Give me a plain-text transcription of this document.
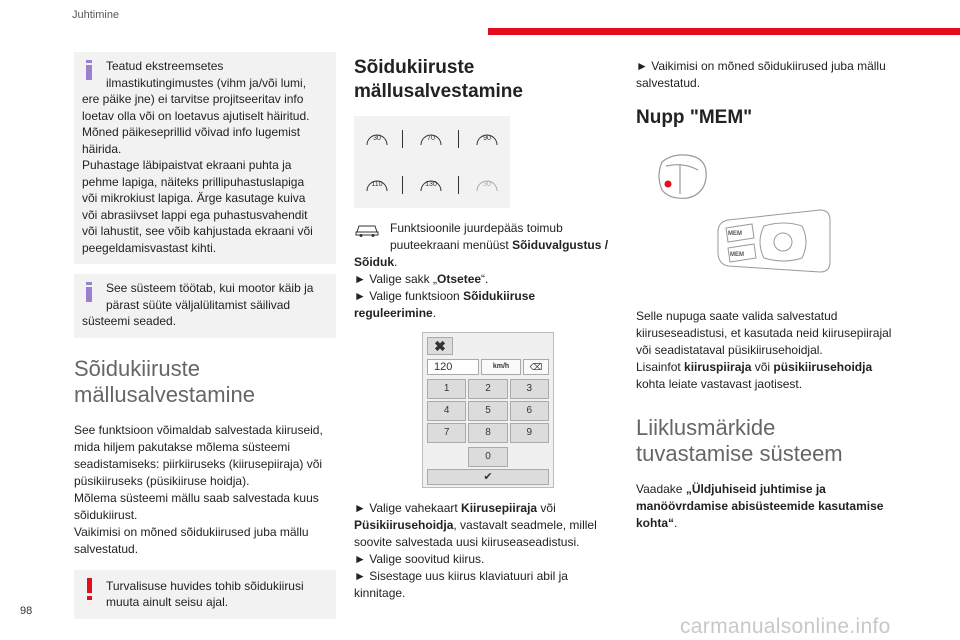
Juhtimine

Teatud ekstreemsetes

ilmastikutingimustes (vihm ja/või lumi,

ere päike jne) ei tarvitse projitseeritav info

loetav olla või on loetavus ajutiselt häiritud.

Mõned päikeseprillid võivad info lugemist

häirida.

Puhastage läbipaistvat ekraani puhta ja

pehme lapiga, näiteks prillipuhastuslapiga

või mikrokiust lapiga. Ärge kasutage kuiva

või abrasiivset lappi ega puhastusvahendit

või lahustit, see võib kahjustada ekraani või

peegeldamisvastast kihti.

See süsteem töötab, kui mootor käib ja

pärast süüte väljalülitamist säilivad

süsteemi seaded.

Sõidukiiruste
mällusalvestamine
See funktsioon võimaldab salvestada kiiruseid,
mida hiljem pakutakse mõlema süsteemi
seadistamiseks: piirkiiruseks (kiirusepiiraja) või
püsikiiruseks (püsikiiruse hoidja).
Mõlema süsteemi mällu saab salvestada kuus
sõidukiirust.
Vaikimisi on mõned sõidukiirused juba mällu
salvestatud.

Turvalisuse huvides tohib sõidukiirusi

muuta ainult seisu ajal.

Sõidukiiruste
mällusalvestamine
30	70	90
110	130	30
Funktsioonile juurdepääs toimub
puuteekraani menüüst Sõiduvalgustus /
Sõiduk.
► Valige sakk „Otsetee“.
► Valige funktsioon Sõidukiiruse
reguleerimine.
✖
120	km/h	⌫
1	2	3
4	5	6
7	8	9
0
✔
► Valige vahekaart Kiirusepiiraja või
Püsikiirusehoidja, vastavalt seadmele, millel
soovite salvestada uusi kiiruseaseadistusi.
► Valige soovitud kiirus.
► Sisestage uus kiirus klaviatuuri abil ja
kinnitage.
► Vaikimisi on mõned sõidukiirused juba mällu
salvestatud.
Nupp "MEM"
MEM
MEM
Selle nupuga saate valida salvestatud
kiiruseseadistusi, et kasutada neid kiirusepiirajal
või seadistataval püsikiirusehoidjal.
Lisainfot kiiruspiiraja või püsikiirusehoidja
kohta leiate vastavast jaotisest.
Liiklusmärkide
tuvastamise süsteem
Vaadake „Üldjuhiseid juhtimise ja
manöövrdamise abisüsteemide kasutamise
kohta“.
98
carmanualsonline.info
